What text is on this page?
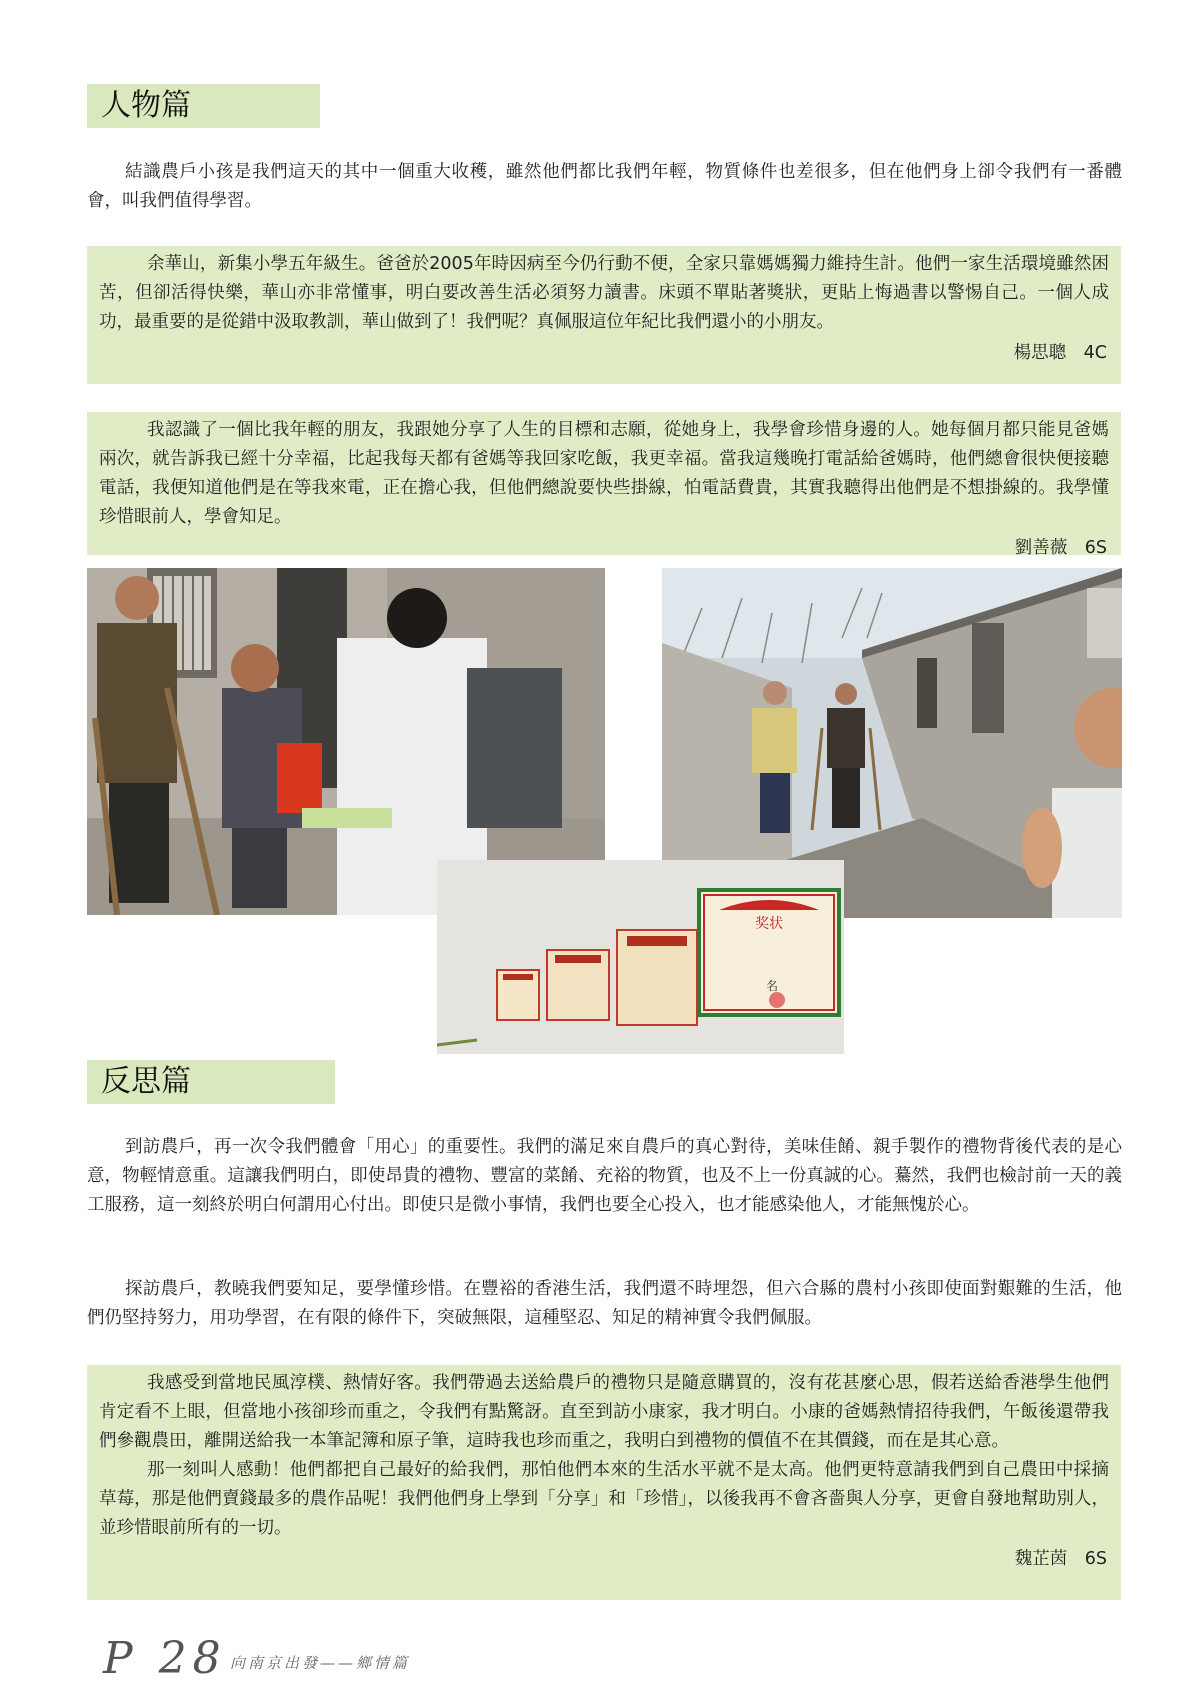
人物篇

結識農戶小孩是我們這天的其中一個重大收穫，雖然他們都比我們年輕，物質條件也差很多，但在他們身上卻令我們有一番體會，叫我們值得學習。

余華山，新集小學五年級生。爸爸於2005年時因病至今仍行動不便，全家只靠媽媽獨力維持生計。他們一家生活環境雖然困苦，但卻活得快樂，華山亦非常懂事，明白要改善生活必須努力讀書。床頭不單貼著獎狀，更貼上悔過書以警惕自己。一個人成功，最重要的是從錯中汲取教訓，華山做到了！我們呢？真佩服這位年紀比我們還小的小朋友。

楊思聰　4C

我認識了一個比我年輕的朋友，我跟她分享了人生的目標和志願，從她身上，我學會珍惜身邊的人。她每個月都只能見爸媽兩次，就告訴我已經十分幸福，比起我每天都有爸媽等我回家吃飯，我更幸福。當我這幾晚打電話給爸媽時，他們總會很快便接聽電話，我便知道他們是在等我來電，正在擔心我，但他們總說要快些掛線，怕電話費貴，其實我聽得出他們是不想掛線的。我學懂珍惜眼前人，學會知足。

劉善薇　6S

奖状
名
反思篇

到訪農戶，再一次令我們體會「用心」的重要性。我們的滿足來自農戶的真心對待，美味佳餚、親手製作的禮物背後代表的是心意，物輕情意重。這讓我們明白，即使昂貴的禮物、豐富的菜餚、充裕的物質，也及不上一份真誠的心。驀然，我們也檢討前一天的義工服務，這一刻終於明白何謂用心付出。即使只是微小事情，我們也要全心投入，也才能感染他人，才能無愧於心。

探訪農戶，教曉我們要知足，要學懂珍惜。在豐裕的香港生活，我們還不時埋怨，但六合縣的農村小孩即使面對艱難的生活，他們仍堅持努力，用功學習，在有限的條件下，突破無限，這種堅忍、知足的精神實令我們佩服。

我感受到當地民風淳樸、熱情好客。我們帶過去送給農戶的禮物只是隨意購買的，沒有花甚麼心思，假若送給香港學生他們肯定看不上眼，但當地小孩卻珍而重之，令我們有點驚訝。直至到訪小康家，我才明白。小康的爸媽熱情招待我們，午飯後還帶我們參觀農田，離開送給我一本筆記簿和原子筆，這時我也珍而重之，我明白到禮物的價值不在其價錢，而在是其心意。

那一刻叫人感動！他們都把自己最好的給我們，那怕他們本來的生活水平就不是太高。他們更特意請我們到自己農田中採摘草莓，那是他們賣錢最多的農作品呢！我們他們身上學到「分享」和「珍惜」，以後我再不會吝嗇與人分享，更會自發地幫助別人，並珍惜眼前所有的一切。

魏芷茵　6S

P 28 向南京出發——鄉情篇
